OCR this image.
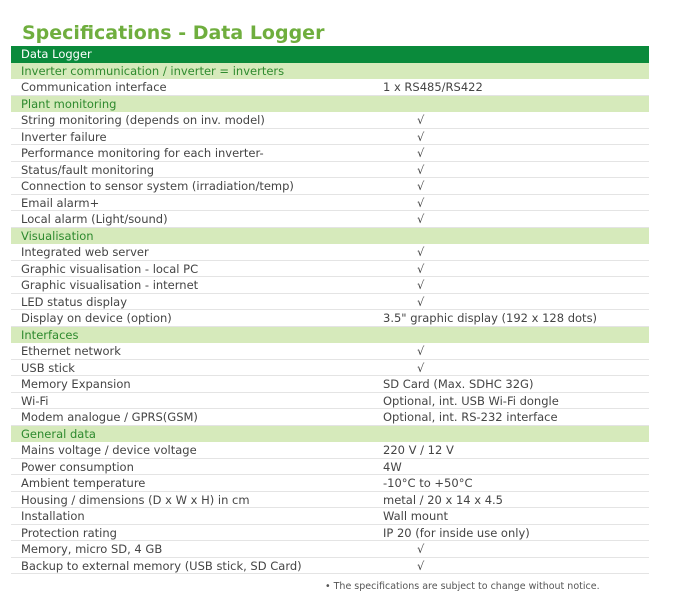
Specifications - Data Logger
Data Logger
Inverter communication / inverter = inverters
Communication interface	1 x RS485/RS422
Plant monitoring
String monitoring (depends on inv. model)	√
Inverter failure	√
Performance monitoring for each inverter-	√
Status/fault monitoring	√
Connection to sensor system (irradiation/temp)	√
Email alarm+	√
Local alarm (Light/sound)	√
Visualisation
Integrated web server	√
Graphic visualisation - local PC	√
Graphic visualisation - internet	√
LED status display	√
Display on device (option)	3.5" graphic display (192 x 128 dots)
Interfaces
Ethernet network	√
USB stick	√
Memory Expansion	SD Card (Max. SDHC 32G)
Wi-Fi	Optional, int. USB Wi-Fi dongle
Modem analogue / GPRS(GSM)	Optional, int. RS-232 interface
General data
Mains voltage / device voltage	220 V / 12 V
Power consumption	4W
Ambient temperature	-10°C to +50°C
Housing / dimensions (D x W x H) in cm	metal / 20 x 14 x 4.5
Installation	Wall mount
Protection rating	IP 20 (for inside use only)
Memory, micro SD, 4 GB	√
Backup to external memory (USB stick, SD Card)	√
• The specifications are subject to change without notice.
